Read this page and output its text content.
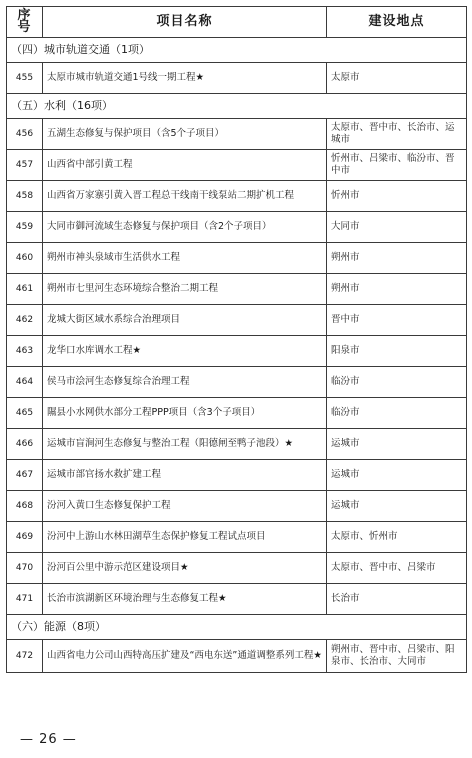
序号	项目名称	建设地点
（四）城市轨道交通（1项）		
455	太原市城市轨道交通1号线一期工程★	太原市
（五）水利（16项）		
456	五湖生态修复与保护项目（含5个子项目）	太原市、晋中市、长治市、运城市
457	山西省中部引黄工程	忻州市、吕梁市、临汾市、晋中市
458	山西省万家寨引黄入晋工程总干线南干线泵站二期扩机工程	忻州市
459	大同市御河流域生态修复与保护项目（含2个子项目）	大同市
460	朔州市神头泉域市生活供水工程	朔州市
461	朔州市七里河生态环境综合整治二期工程	朔州市
462	龙城大街区域水系综合治理项目	晋中市
463	龙华口水库调水工程★	阳泉市
464	侯马市浍河生态修复综合治理工程	临汾市
465	隰县小水网供水部分工程PPP项目（含3个子项目）	临汾市
466	运城市盲涧河生态修复与整治工程（阳德闸至鸭子池段）★	运城市
467	运城市部官扬水救扩建工程	运城市
468	汾河入黄口生态修复保护工程	运城市
469	汾河中上游山水林田湖草生态保护修复工程试点项目	太原市、忻州市
470	汾河百公里中游示范区建设项目★	太原市、晋中市、吕梁市
471	长治市滨湖新区环境治理与生态修复工程★	长治市
（六）能源（8项）		
472	山西省电力公司山西特高压扩建及“西电东送”通道调整系列工程★	朔州市、晋中市、吕梁市、阳泉市、长治市、大同市
— 26 —
